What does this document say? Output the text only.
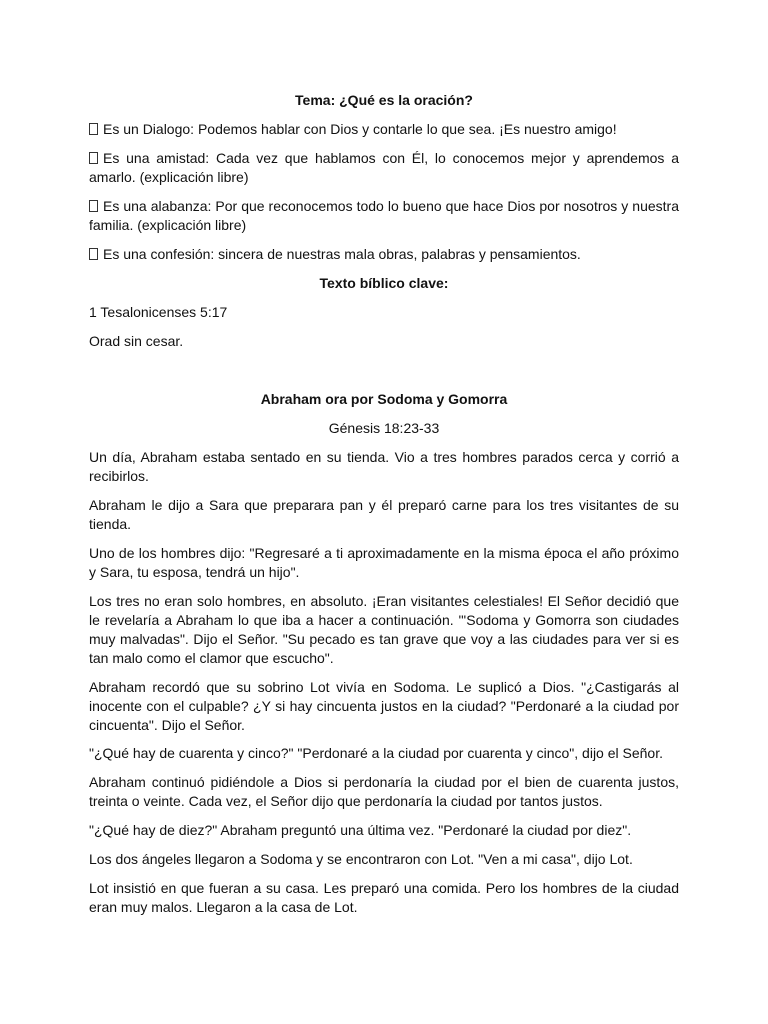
Tema: ¿Qué es la oración?

Es un Dialogo: Podemos hablar con Dios y contarle lo que sea. ¡Es nuestro amigo!

Es una amistad: Cada vez que hablamos con Él, lo conocemos mejor y aprendemos a amarlo. (explicación libre)

Es una alabanza: Por que reconocemos todo lo bueno que hace Dios por nosotros y nuestra familia. (explicación libre)

Es una confesión: sincera de nuestras mala obras, palabras y pensamientos.

Texto bíblico clave:

1 Tesalonicenses 5:17

Orad sin cesar.

Abraham ora por Sodoma y Gomorra

Génesis 18:23-33

Un día, Abraham estaba sentado en su tienda. Vio a tres hombres parados cerca y corrió a recibirlos.

Abraham le dijo a Sara que preparara pan y él preparó carne para los tres visitantes de su tienda.

Uno de los hombres dijo: "Regresaré a ti aproximadamente en la misma época el año próximo y Sara, tu esposa, tendrá un hijo".

Los tres no eran solo hombres, en absoluto. ¡Eran visitantes celestiales! El Señor decidió que le revelaría a Abraham lo que iba a hacer a continuación. "'Sodoma y Gomorra son ciudades muy malvadas". Dijo el Señor. "Su pecado es tan grave que voy a las ciudades para ver si es tan malo como el clamor que escucho".

Abraham recordó que su sobrino Lot vivía en Sodoma. Le suplicó a Dios. "¿Castigarás al inocente con el culpable? ¿Y si hay cincuenta justos en la ciudad? "Perdonaré a la ciudad por cincuenta". Dijo el Señor.

"¿Qué hay de cuarenta y cinco?" "Perdonaré a la ciudad por cuarenta y cinco", dijo el Señor.

Abraham continuó pidiéndole a Dios si perdonaría la ciudad por el bien de cuarenta justos, treinta o veinte. Cada vez, el Señor dijo que perdonaría la ciudad por tantos justos.

"¿Qué hay de diez?" Abraham preguntó una última vez. "Perdonaré la ciudad por diez".

Los dos ángeles llegaron a Sodoma y se encontraron con Lot. "Ven a mi casa", dijo Lot.

Lot insistió en que fueran a su casa. Les preparó una comida. Pero los hombres de la ciudad eran muy malos. Llegaron a la casa de Lot.
